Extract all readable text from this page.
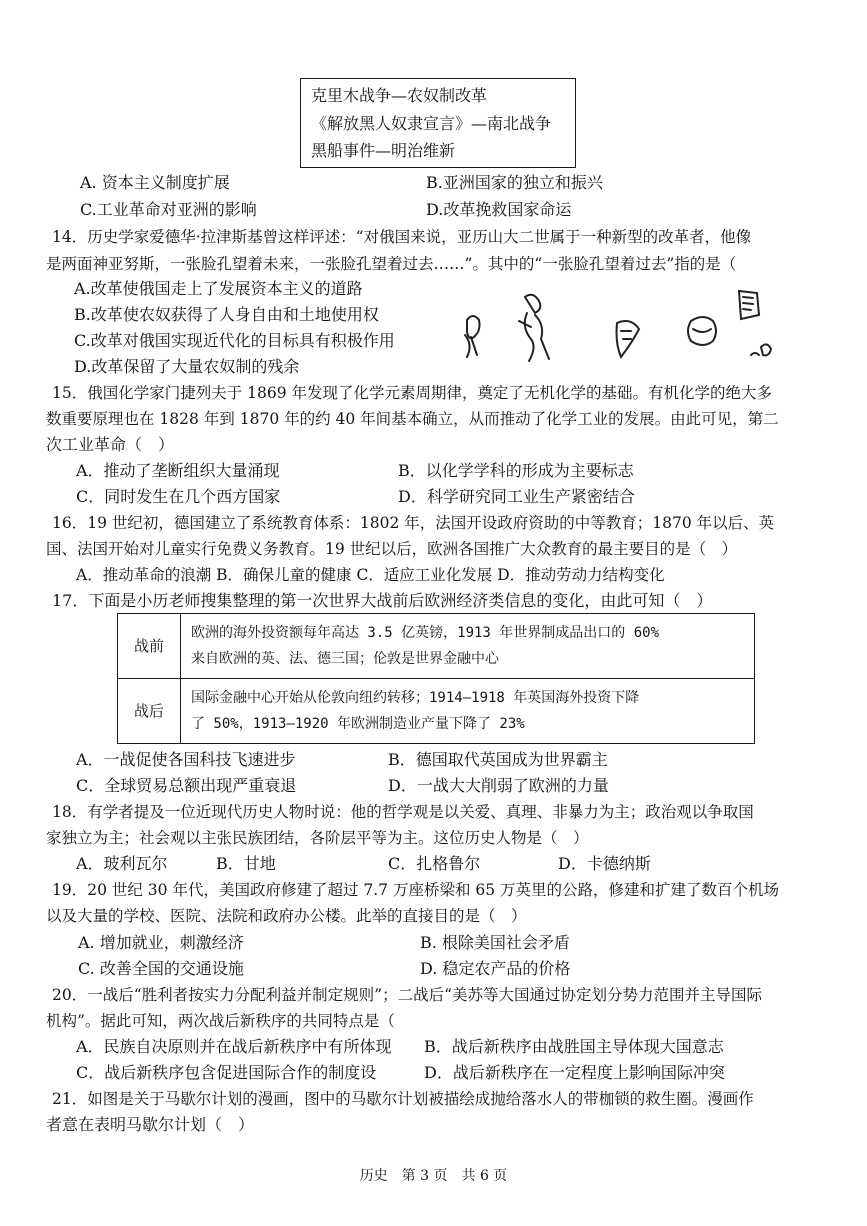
克里木战争—农奴制改革
《解放黑人奴隶宣言》—南北战争
黑船事件—明治维新
A. 资本主义制度扩展	B.亚洲国家的独立和振兴
C.工业革命对亚洲的影响	D.改革挽救国家命运
14．历史学家爱德华·拉津斯基曾这样评述：“对俄国来说，亚历山大二世属于一种新型的改革者，他像
是两面神亚努斯，一张脸孔望着未来，一张脸孔望着过去……”。其中的“一张脸孔望着过去”指的是（
A.改革使俄国走上了发展资本主义的道路
B.改革使农奴获得了人身自由和土地使用权
C.改革对俄国实现近代化的目标具有积极作用
D.改革保留了大量农奴制的残余
15．俄国化学家门捷列夫于 1869 年发现了化学元素周期律，奠定了无机化学的基础。有机化学的绝大多
数重要原理也在 1828 年到 1870 年的约 40 年间基本确立，从而推动了化学工业的发展。由此可见，第二
次工业革命（　）
A．推动了垄断组织大量涌现	B．以化学学科的形成为主要标志
C．同时发生在几个西方国家	D．科学研究同工业生产紧密结合
16．19 世纪初，德国建立了系统教育体系：1802 年，法国开设政府资助的中等教育；1870 年以后、英
国、法国开始对儿童实行免费义务教育。19 世纪以后，欧洲各国推广大众教育的最主要目的是（　）
A．推动革命的浪潮 B．确保儿童的健康 C．适应工业化发展 D．推动劳动力结构变化
17．下面是小历老师搜集整理的第一次世界大战前后欧洲经济类信息的变化，由此可知（　）
战前	欧洲的海外投资额每年高达 3.5 亿英镑，1913 年世界制成品出口的 60%
来自欧洲的英、法、德三国；伦敦是世界金融中心

战后	国际金融中心开始从伦敦向纽约转移；1914—1918 年英国海外投资下降
了 50%，1913—1920 年欧洲制造业产量下降了 23%
A．一战促使各国科技飞速进步	B．德国取代英国成为世界霸主
C．全球贸易总额出现严重衰退	D．一战大大削弱了欧洲的力量
18．有学者提及一位近现代历史人物时说：他的哲学观是以关爱、真理、非暴力为主；政治观以争取国
家独立为主；社会观以主张民族团结，各阶层平等为主。这位历史人物是（　）
A．玻利瓦尔	B．甘地	C．扎格鲁尔	D．卡德纳斯
19．20 世纪 30 年代，美国政府修建了超过 7.7 万座桥梁和 65 万英里的公路，修建和扩建了数百个机场
以及大量的学校、医院、法院和政府办公楼。此举的直接目的是（　）
A. 增加就业，刺激经济	B. 根除美国社会矛盾
C. 改善全国的交通设施	D. 稳定农产品的价格
20．一战后“胜利者按实力分配利益并制定规则”；二战后“美苏等大国通过协定划分势力范围并主导国际
机构”。据此可知，两次战后新秩序的共同特点是（
A．民族自决原则并在战后新秩序中有所体现 B．战后新秩序由战胜国主导体现大国意志
C．战后新秩序包含促进国际合作的制度设	D．战后新秩序在一定程度上影响国际冲突
21．如图是关于马歇尔计划的漫画，图中的马歇尔计划被描绘成抛给落水人的带枷锁的救生圈。漫画作
者意在表明马歇尔计划（　）
历史　第 3 页　共 6 页
